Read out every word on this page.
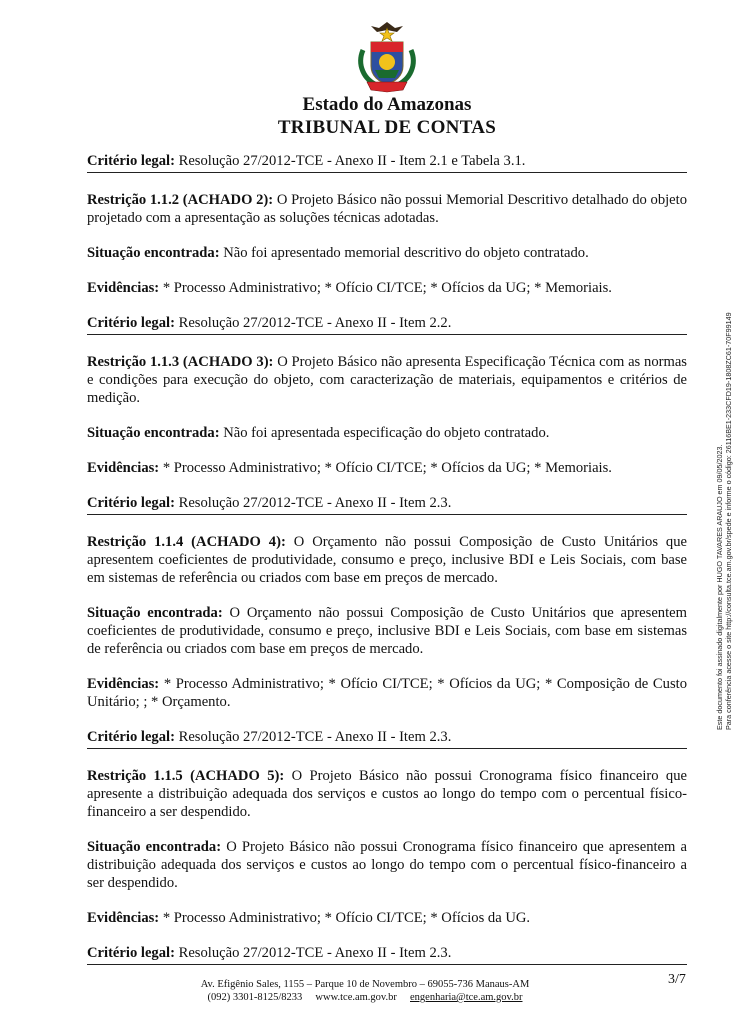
Estado do Amazonas
TRIBUNAL DE CONTAS

Critério legal: Resolução 27/2012-TCE - Anexo II - Item 2.1 e Tabela 3.1.

Restrição 1.1.2 (ACHADO 2): O Projeto Básico não possui Memorial Descritivo detalhado do objeto projetado com a apresentação as soluções técnicas adotadas.

Situação encontrada: Não foi apresentado memorial descritivo do objeto contratado.

Evidências: * Processo Administrativo; * Ofício CI/TCE; * Ofícios da UG; * Memoriais.

Critério legal: Resolução 27/2012-TCE - Anexo II - Item 2.2.

Restrição 1.1.3 (ACHADO 3): O Projeto Básico não apresenta Especificação Técnica com as normas e condições para execução do objeto, com caracterização de materiais, equipamentos e critérios de medição.

Situação encontrada: Não foi apresentada especificação do objeto contratado.

Evidências: * Processo Administrativo; * Ofício CI/TCE; * Ofícios da UG; * Memoriais.

Critério legal: Resolução 27/2012-TCE - Anexo II - Item 2.3.

Restrição 1.1.4 (ACHADO 4): O Orçamento não possui Composição de Custo Unitários que apresentem coeficientes de produtividade, consumo e preço, inclusive BDI e Leis Sociais, com base em sistemas de referência ou criados com base em preços de mercado.

Situação encontrada: O Orçamento não possui Composição de Custo Unitários que apresentem coeficientes de produtividade, consumo e preço, inclusive BDI e Leis Sociais, com base em sistemas de referência ou criados com base em preços de mercado.

Evidências: * Processo Administrativo; * Ofício CI/TCE; * Ofícios da UG; * Composição de Custo Unitário; ; * Orçamento.

Critério legal: Resolução 27/2012-TCE - Anexo II - Item 2.3.

Restrição 1.1.5 (ACHADO 5): O Projeto Básico não possui Cronograma físico financeiro que apresente a distribuição adequada dos serviços e custos ao longo do tempo com o percentual físico-financeiro a ser despendido.

Situação encontrada: O Projeto Básico não possui Cronograma físico financeiro que apresentem a distribuição adequada dos serviços e custos ao longo do tempo com o percentual físico-financeiro a ser despendido.

Evidências: * Processo Administrativo; * Ofício CI/TCE; * Ofícios da UG.

Critério legal: Resolução 27/2012-TCE - Anexo II - Item 2.3.

Av. Efigênio Sales, 1155 – Parque 10 de Novembro – 69055-736 Manaus-AM
(092) 3301-8125/8233 www.tce.am.gov.br engenharia@tce.am.gov.br
3/7
Este documento foi assinado digitalmente por HUGO TAVARES ARAUJO em 09/05/2023. Para conferência acesse o site http://consulta.tce.am.gov.br/spede e informe o código: 26116BE1-233CFD19-1808ZC61-70F99149
